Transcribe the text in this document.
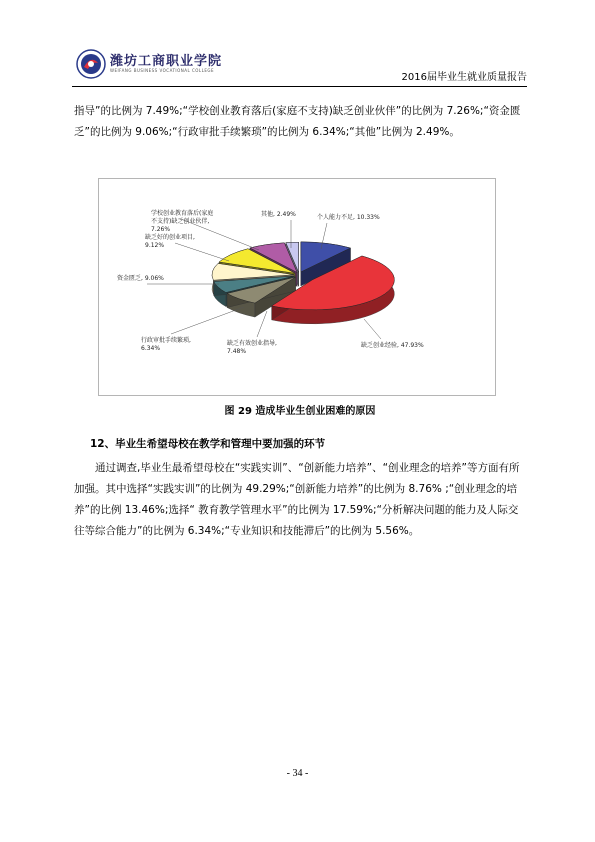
潍坊工商职业学院
WEIFANG BUSINESS VOCATIONAL COLLEGE
2016届毕业生就业质量报告

指导”的比例为 7.49%;“学校创业教育落后(家庭不支持)缺乏创业伙伴”的比例为 7.26%;“资金匮乏”的比例为 9.06%;“行政审批手续繁琐”的比例为 6.34%;“其他”比例为 2.49%。

个人能力不足, 10.33%
缺乏创业经验, 47.93%
缺乏有效创业指导, 7.48%
行政审批手续繁琐, 6.34%
资金匮乏, 9.06%
缺乏好的创业项目, 9.12%
学校创业教育落后(家庭不支持)缺乏创业伙伴, 7.26%
其他, 2.49%
图 29 造成毕业生创业困难的原因
12、毕业生希望母校在教学和管理中要加强的环节

通过调查,毕业生最希望母校在“实践实训”、“创新能力培养”、“创业理念的培养”等方面有所加强。其中选择“实践实训”的比例为 49.29%;“创新能力培养”的比例为 8.76% ;“创业理念的培养”的比例 13.46%;选择“ 教育教学管理水平”的比例为 17.59%;“分析解决问题的能力及人际交往等综合能力”的比例为 6.34%;“专业知识和技能滞后”的比例为 5.56%。

- 34 -
